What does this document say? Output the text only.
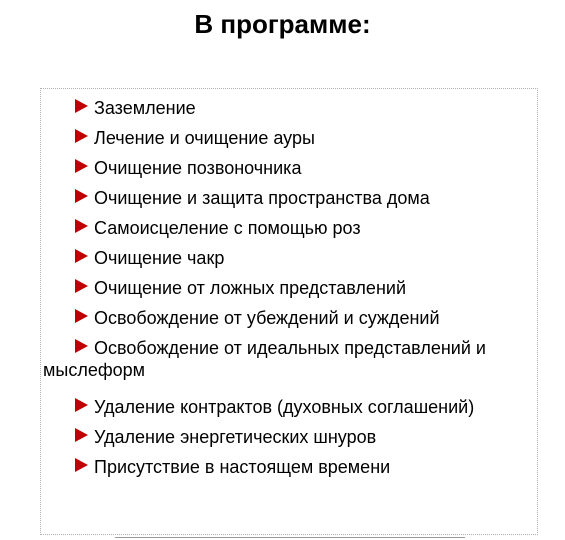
В программе:
Заземление
Лечение и очищение ауры
Очищение позвоночника
Очищение и защита пространства дома
Самоисцеление с помощью роз
Очищение чакр
Очищение от ложных представлений
Освобождение от убеждений и суждений
Освобождение от идеальных представлений и мыслеформ
Удаление контрактов (духовных соглашений)
Удаление энергетических шнуров
Присутствие в настоящем времени
